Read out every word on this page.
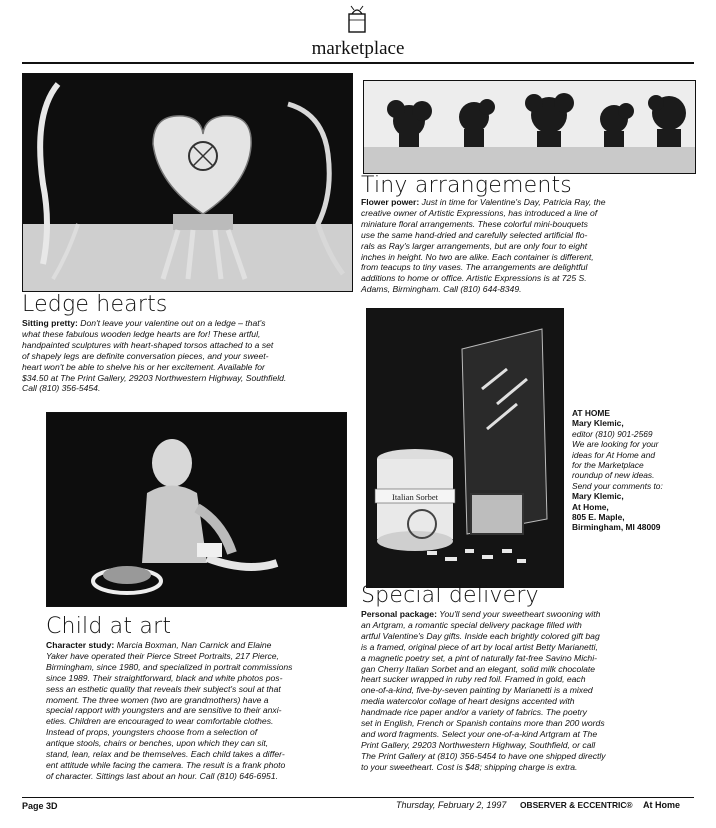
marketplace
Tiny arrangements
Flower power: Just in time for Valentine's Day, Patricia Ray, the
creative owner of Artistic Expressions, has introduced a line of
miniature floral arrangements. These colorful mini-bouquets
use the same hand-dried and carefully selected artificial flo-
rals as Ray's larger arrangements, but are only four to eight
inches in height. No two are alike. Each container is different,
from teacups to tiny vases. The arrangements are delightful
additions to home or office. Artistic Expressions is at 725 S.
Adams, Birmingham. Call (810) 644-8349.
Ledge hearts
Sitting pretty: Don't leave your valentine out on a ledge – that's
what these fabulous wooden ledge hearts are for! These artful,
handpainted sculptures with heart-shaped torsos attached to a set
of shapely legs are definite conversation pieces, and your sweet-
heart won't be able to shelve his or her excitement. Available for
$34.50 at The Print Gallery, 29203 Northwestern Highway, Southfield.
Call (810) 356-5454.
Italian Sorbet
AT HOME
Mary Klemic,
editor (810) 901-2569
We are looking for your
ideas for At Home and
for the Marketplace
roundup of new ideas.
Send your comments to:
Mary Klemic,
At Home,
805 E. Maple,
Birmingham, MI 48009
Special delivery
Personal package: You'll send your sweetheart swooning with
an Artgram, a romantic special delivery package filled with
artful Valentine's Day gifts. Inside each brightly colored gift bag
is a framed, original piece of art by local artist Betty Marianetti,
a magnetic poetry set, a pint of naturally fat-free Savino Michi-
gan Cherry Italian Sorbet and an elegant, solid milk chocolate
heart sucker wrapped in ruby red foil. Framed in gold, each
one-of-a-kind, five-by-seven painting by Marianetti is a mixed
media watercolor collage of heart designs accented with
handmade rice paper and/or a variety of fabrics. The poetry
set in English, French or Spanish contains more than 200 words
and word fragments. Select your one-of-a-kind Artgram at The
Print Gallery, 29203 Northwestern Highway, Southfield, or call
The Print Gallery at (810) 356-5454 to have one shipped directly
to your sweetheart. Cost is $48; shipping charge is extra.
Child at art
Character study: Marcia Boxman, Nan Carnick and Elaine
Yaker have operated their Pierce Street Portraits, 217 Pierce,
Birmingham, since 1980, and specialized in portrait commissions
since 1989. Their straightforward, black and white photos pos-
sess an esthetic quality that reveals their subject's soul at that
moment. The three women (two are grandmothers) have a
special rapport with youngsters and are sensitive to their anxi-
eties. Children are encouraged to wear comfortable clothes.
Instead of props, youngsters choose from a selection of
antique stools, chairs or benches, upon which they can sit,
stand, lean, relax and be themselves. Each child takes a differ-
ent attitude while facing the camera. The result is a frank photo
of character. Sittings last about an hour. Call (810) 646-6951.
Page 3D	Thursday, February 2, 1997 OBSERVER & ECCENTRIC® At Home
